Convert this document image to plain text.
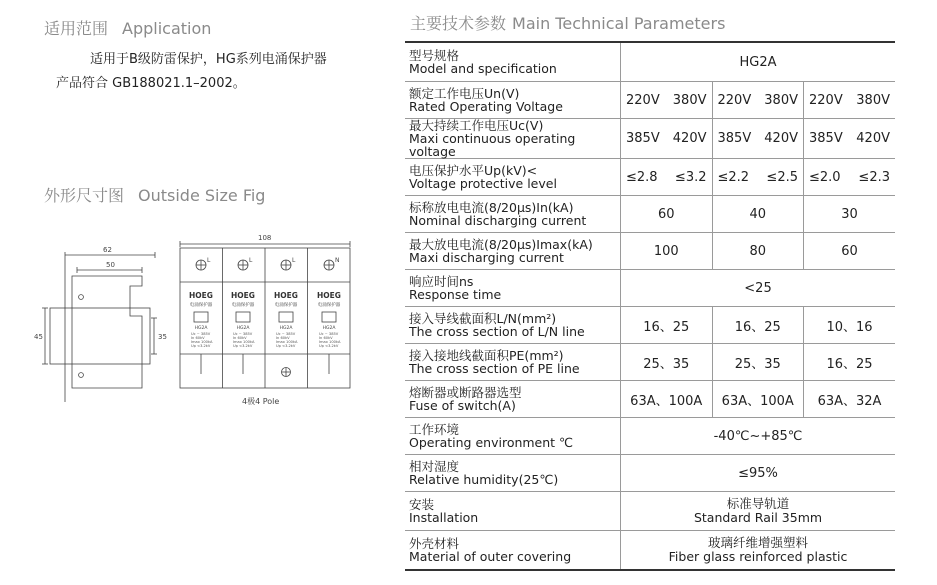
适用范围 Application
适用于B级防雷保护，HG系列电涌保护器
产品符合 GB188021.1–2002。
外形尺寸图 Outside Size Fig
62
50
45	35
108
L	L	L	N
HOEG HOEG	HOEG	HOEG
电涌保护器	电涌保护器	电涌保护器	电涌保护器
HG2A	HG2A	HG2A	HG2A
Uc ~ 385V
In 60kV
Imax 100kA
Up <3.2kV
Uc ~ 385V
In 60kV
Imax 100kA
Up <3.2kV
Uc ~ 385V
In 60kV
Imax 100kA
Up <3.2kV
Uc ~ 385V
In 60kV
Imax 100kA
Up <3.2kV
4极4 Pole
主要技术参数 Main Technical Parameters
型号规格
Model and specification	HG2A		

额定工作电压Un(V)
Rated Operating Voltage	220V 380V	220V 380V	220V 380V

最大持续工作电压Uc(V)
Maxi continuous operating voltage	385V 420V	385V 420V	385V 420V

电压保护水平Up(kV)<
Voltage protective level	≤2.8 ≤3.2	≤2.2 ≤2.5	≤2.0 ≤2.3

标称放电电流(8/20μs)In(kA)
Nominal discharging current	60	40	30

最大放电电流(8/20μs)Imax(kA)
Maxi discharging current	100	80	60

响应时间ns
Response time	<25		

接入导线截面积L/N(mm²)
The cross section of L/N line	16、25	16、25	10、16

接入接地线截面积PE(mm²)
The cross section of PE line	25、35	25、35	16、25

熔断器或断路器选型
Fuse of switch(A)	63A、100A	63A、100A	63A、32A

工作环境
Operating environment ℃	-40℃~+85℃		

相对湿度
Relative humidity(25℃)	≤95%		

安装
Installation	标准导轨道
Standard Rail 35mm		

外壳材料
Material of outer covering	玻璃纤维增强塑料
Fiber glass reinforced plastic		
